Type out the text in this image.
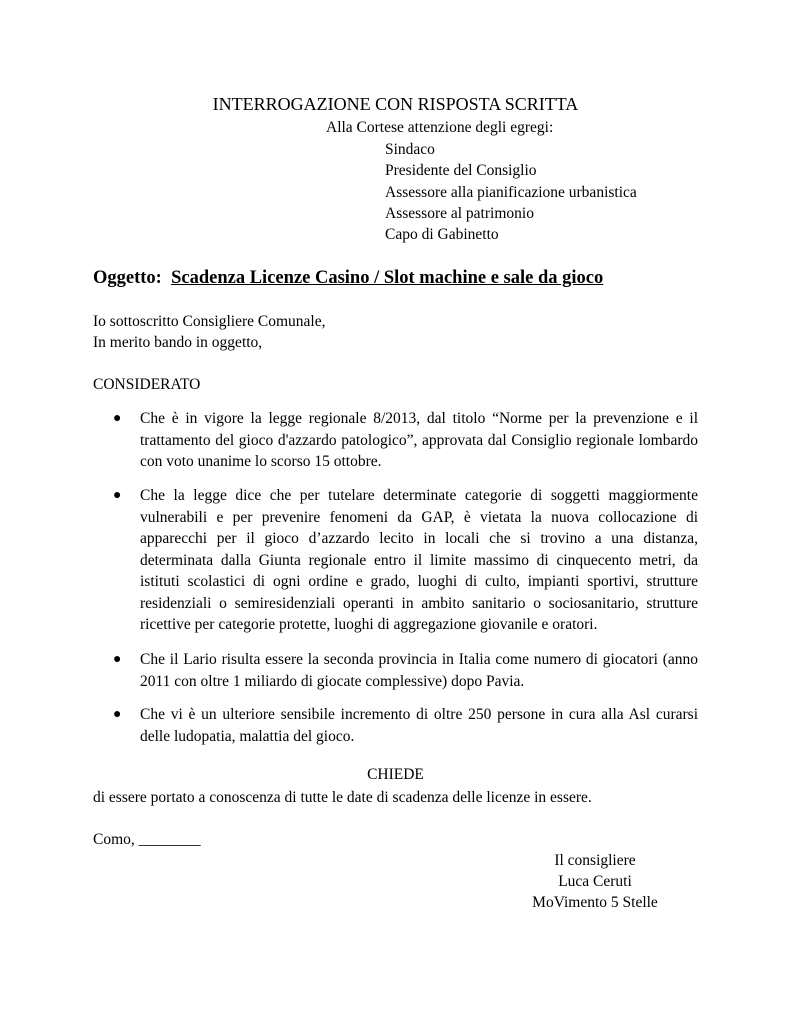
INTERROGAZIONE CON RISPOSTA SCRITTA
Alla Cortese attenzione degli egregi:
Sindaco
Presidente del Consiglio
Assessore alla pianificazione urbanistica
Assessore al patrimonio
Capo di Gabinetto
Oggetto: Scadenza Licenze Casino / Slot machine e sale da gioco
Io sottoscritto Consigliere Comunale,
In merito bando in oggetto,
CONSIDERATO
● Che è in vigore la legge regionale 8/2013, dal titolo “Norme per la prevenzione e il trattamento del gioco d'azzardo patologico”, approvata dal Consiglio regionale lombardo con voto unanime lo scorso 15 ottobre.
● Che la legge dice che per tutelare determinate categorie di soggetti maggiormente vulnerabili e per prevenire fenomeni da GAP, è vietata la nuova collocazione di apparecchi per il gioco d’azzardo lecito in locali che si trovino a una distanza, determinata dalla Giunta regionale entro il limite massimo di cinquecento metri, da istituti scolastici di ogni ordine e grado, luoghi di culto, impianti sportivi, strutture residenziali o semiresidenziali operanti in ambito sanitario o sociosanitario, strutture ricettive per categorie protette, luoghi di aggregazione giovanile e oratori.
● Che il Lario risulta essere la seconda provincia in Italia come numero di giocatori (anno 2011 con oltre 1 miliardo di giocate complessive) dopo Pavia.
● Che vi è un ulteriore sensibile incremento di oltre 250 persone in cura alla Asl curarsi delle ludopatia, malattia del gioco.
CHIEDE
di essere portato a conoscenza di tutte le date di scadenza delle licenze in essere.
Como, ________
Il consigliere
Luca Ceruti
MoVimento 5 Stelle
